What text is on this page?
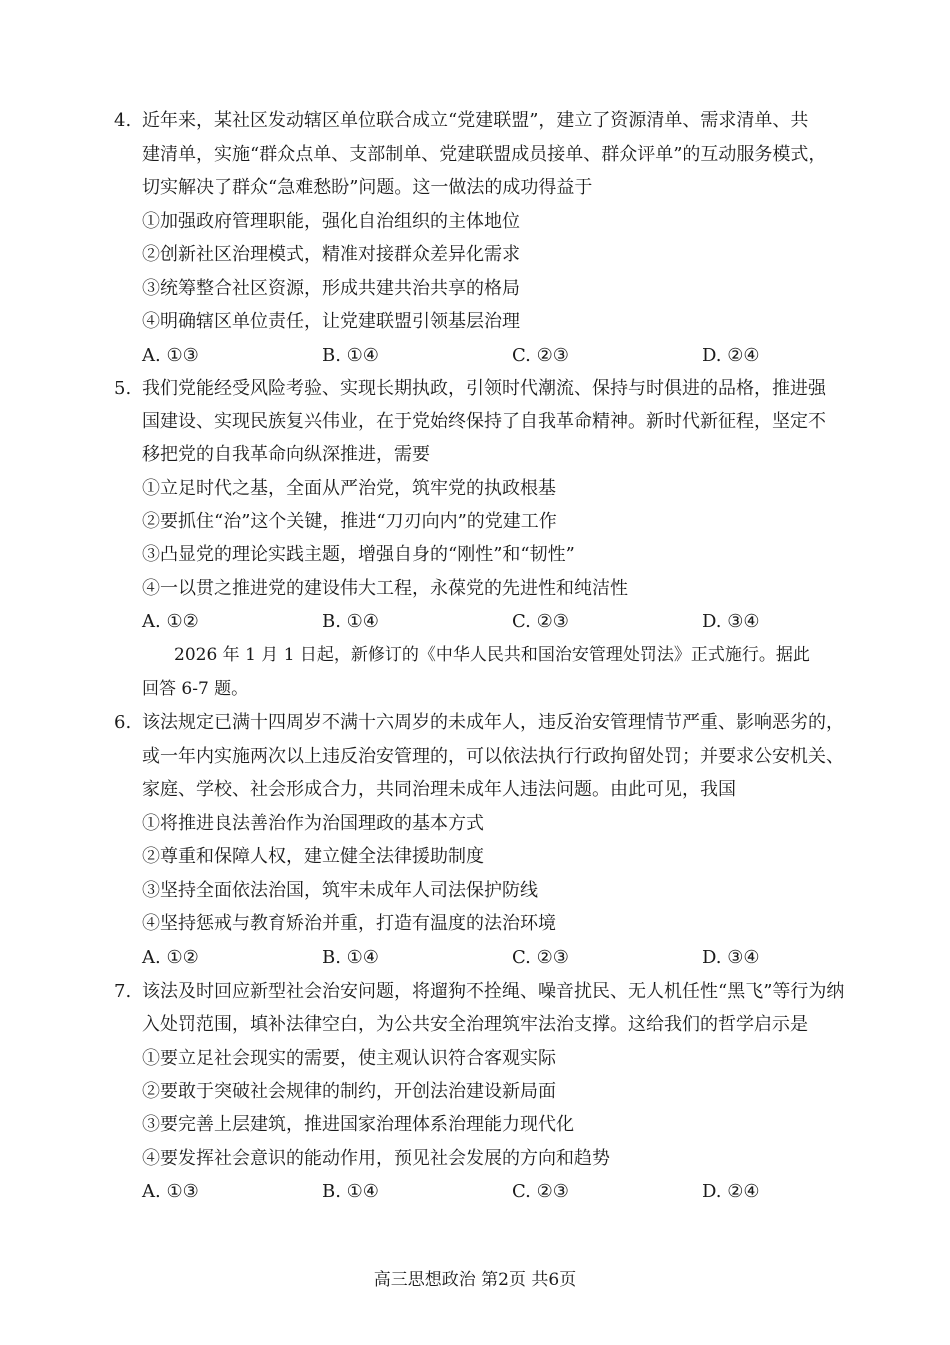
4. 近年来，某社区发动辖区单位联合成立“党建联盟”，建立了资源清单、需求清单、共
建清单，实施“群众点单、支部制单、党建联盟成员接单、群众评单”的互动服务模式，
切实解决了群众“急难愁盼”问题。这一做法的成功得益于
①加强政府管理职能，强化自治组织的主体地位
②创新社区治理模式，精准对接群众差异化需求
③统筹整合社区资源，形成共建共治共享的格局
④明确辖区单位责任，让党建联盟引领基层治理
A. ①③	B. ①④	C. ②③	D. ②④
5. 我们党能经受风险考验、实现长期执政，引领时代潮流、保持与时俱进的品格，推进强
国建设、实现民族复兴伟业，在于党始终保持了自我革命精神。新时代新征程，坚定不
移把党的自我革命向纵深推进，需要
①立足时代之基，全面从严治党，筑牢党的执政根基
②要抓住“治”这个关键，推进“刀刃向内”的党建工作
③凸显党的理论实践主题，增强自身的“刚性”和“韧性”
④一以贯之推进党的建设伟大工程，永葆党的先进性和纯洁性
A. ①②	B. ①④	C. ②③	D. ③④
2026 年 1 月 1 日起，新修订的《中华人民共和国治安管理处罚法》正式施行。据此
回答 6-7 题。
6. 该法规定已满十四周岁不满十六周岁的未成年人，违反治安管理情节严重、影响恶劣的，
或一年内实施两次以上违反治安管理的，可以依法执行行政拘留处罚；并要求公安机关、
家庭、学校、社会形成合力，共同治理未成年人违法问题。由此可见，我国
①将推进良法善治作为治国理政的基本方式
②尊重和保障人权，建立健全法律援助制度
③坚持全面依法治国，筑牢未成年人司法保护防线
④坚持惩戒与教育矫治并重，打造有温度的法治环境
A. ①②	B. ①④	C. ②③	D. ③④
7. 该法及时回应新型社会治安问题，将遛狗不拴绳、噪音扰民、无人机任性“黑飞”等行为纳
入处罚范围，填补法律空白，为公共安全治理筑牢法治支撑。这给我们的哲学启示是
①要立足社会现实的需要，使主观认识符合客观实际
②要敢于突破社会规律的制约，开创法治建设新局面
③要完善上层建筑，推进国家治理体系治理能力现代化
④要发挥社会意识的能动作用，预见社会发展的方向和趋势
A. ①③	B. ①④	C. ②③	D. ②④
高三思想政治 第2页 共6页
